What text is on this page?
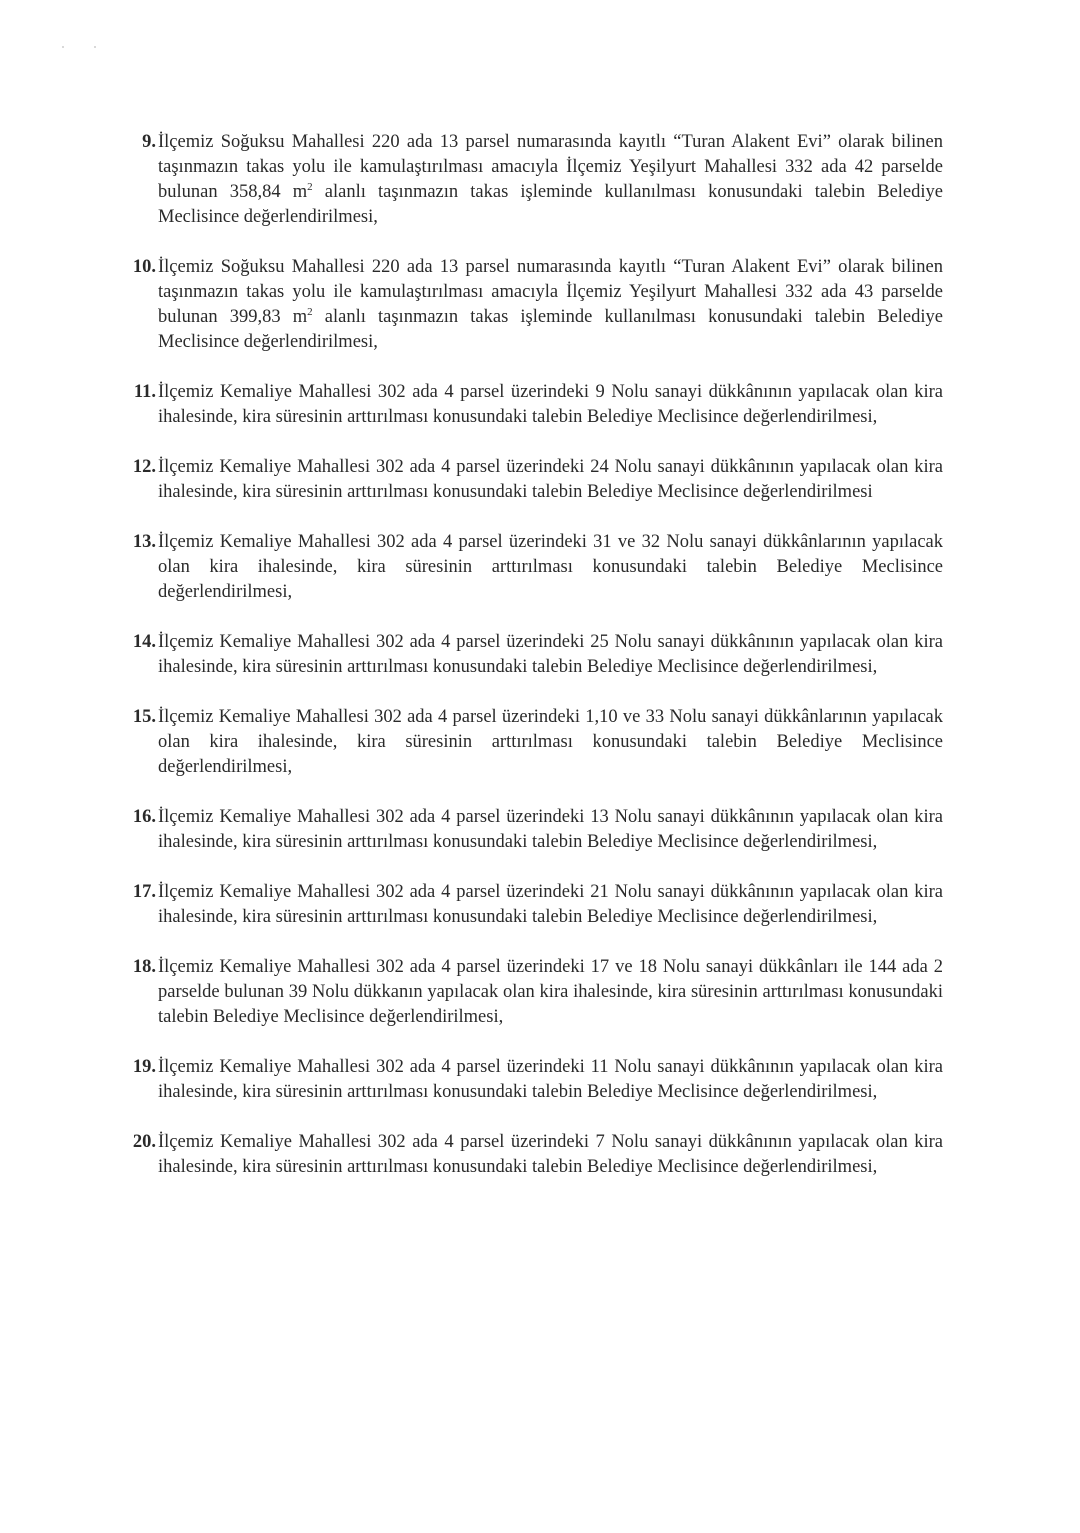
9. İlçemiz Soğuksu Mahallesi 220 ada 13 parsel numarasında kayıtlı “Turan Alakent Evi” olarak bilinen taşınmazın takas yolu ile kamulaştırılması amacıyla İlçemiz Yeşilyurt Mahallesi 332 ada 42 parselde bulunan 358,84 $m^2$ alanlı taşınmazın takas işleminde kullanılması konusundaki talebin Belediye Meclisince değerlendirilmesi,
10. İlçemiz Soğuksu Mahallesi 220 ada 13 parsel numarasında kayıtlı “Turan Alakent Evi” olarak bilinen taşınmazın takas yolu ile kamulaştırılması amacıyla İlçemiz Yeşilyurt Mahallesi 332 ada 43 parselde bulunan 399,83 $m^2$ alanlı taşınmazın takas işleminde kullanılması konusundaki talebin Belediye Meclisince değerlendirilmesi,
11. İlçemiz Kemaliye Mahallesi 302 ada 4 parsel üzerindeki 9 Nolu sanayi dükkânının yapılacak olan kira ihalesinde, kira süresinin arttırılması konusundaki talebin Belediye Meclisince değerlendirilmesi,
12. İlçemiz Kemaliye Mahallesi 302 ada 4 parsel üzerindeki 24 Nolu sanayi dükkânının yapılacak olan kira ihalesinde, kira süresinin arttırılması konusundaki talebin Belediye Meclisince değerlendirilmesi
13. İlçemiz Kemaliye Mahallesi 302 ada 4 parsel üzerindeki 31 ve 32 Nolu sanayi dükkânlarının yapılacak olan kira ihalesinde, kira süresinin arttırılması konusundaki talebin Belediye Meclisince değerlendirilmesi,
14. İlçemiz Kemaliye Mahallesi 302 ada 4 parsel üzerindeki 25 Nolu sanayi dükkânının yapılacak olan kira ihalesinde, kira süresinin arttırılması konusundaki talebin Belediye Meclisince değerlendirilmesi,
15. İlçemiz Kemaliye Mahallesi 302 ada 4 parsel üzerindeki 1,10 ve 33 Nolu sanayi dükkânlarının yapılacak olan kira ihalesinde, kira süresinin arttırılması konusundaki talebin Belediye Meclisince değerlendirilmesi,
16. İlçemiz Kemaliye Mahallesi 302 ada 4 parsel üzerindeki 13 Nolu sanayi dükkânının yapılacak olan kira ihalesinde, kira süresinin arttırılması konusundaki talebin Belediye Meclisince değerlendirilmesi,
17. İlçemiz Kemaliye Mahallesi 302 ada 4 parsel üzerindeki 21 Nolu sanayi dükkânının yapılacak olan kira ihalesinde, kira süresinin arttırılması konusundaki talebin Belediye Meclisince değerlendirilmesi,
18. İlçemiz Kemaliye Mahallesi 302 ada 4 parsel üzerindeki 17 ve 18 Nolu sanayi dükkânları ile 144 ada 2 parselde bulunan 39 Nolu dükkanın yapılacak olan kira ihalesinde, kira süresinin arttırılması konusundaki talebin Belediye Meclisince değerlendirilmesi,
19. İlçemiz Kemaliye Mahallesi 302 ada 4 parsel üzerindeki 11 Nolu sanayi dükkânının yapılacak olan kira ihalesinde, kira süresinin arttırılması konusundaki talebin Belediye Meclisince değerlendirilmesi,
20. İlçemiz Kemaliye Mahallesi 302 ada 4 parsel üzerindeki 7 Nolu sanayi dükkânının yapılacak olan kira ihalesinde, kira süresinin arttırılması konusundaki talebin Belediye Meclisince değerlendirilmesi,
